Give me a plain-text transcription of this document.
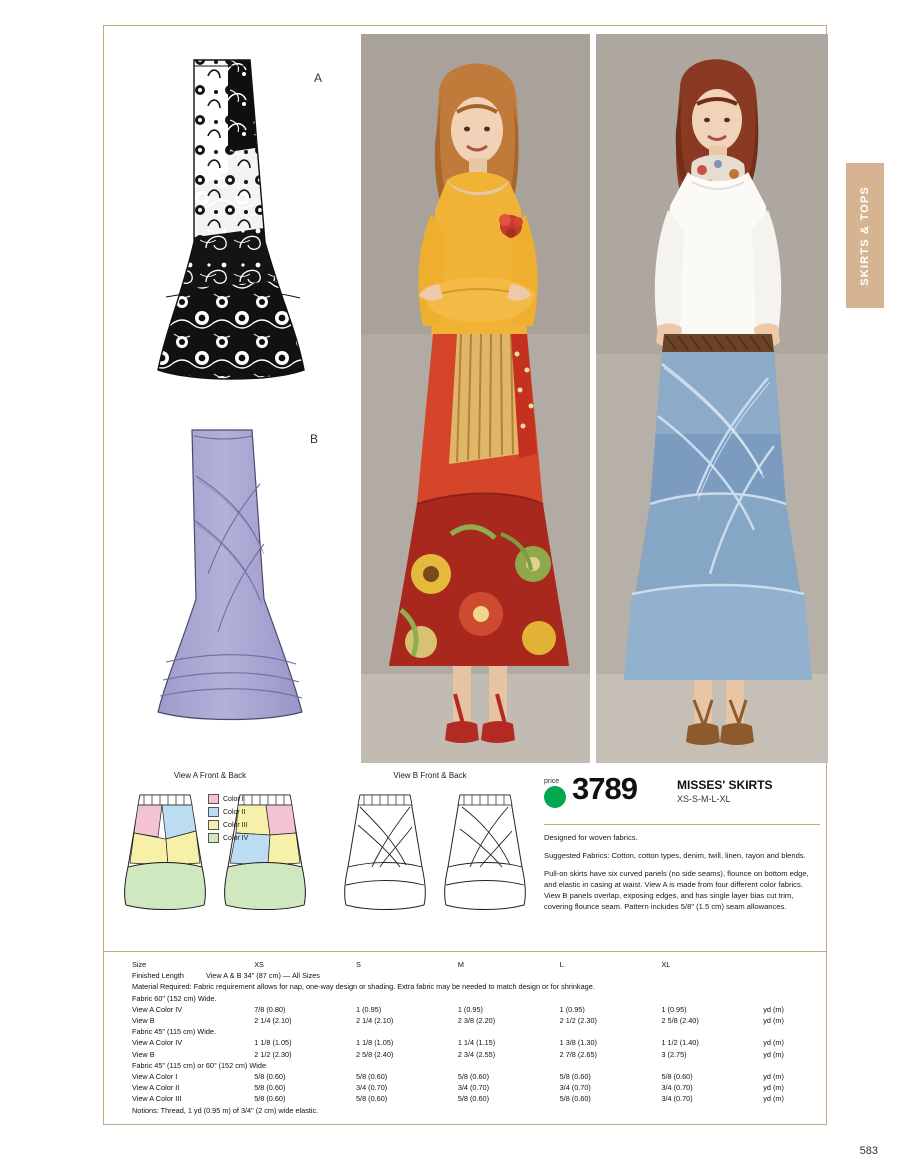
A
B
View A Front & Back	View B Front & Back
Color I
Color II
Color III
Color IV
price 3789	MISSES' SKIRTS
XS-S-M-L-XL

Designed for woven fabrics.

Suggested Fabrics: Cotton, cotton types, denim, twill, linen, rayon and blends.

Pull-on skirts have six curved panels (no side seams), flounce on bottom edge, and elastic in casing at waist. View A is made from four different color fabrics. View B panels overlap, exposing edges, and has single layer bias cut trim, covering flounce seam. Pattern includes 5/8" (1.5 cm) seam allowances.

Size	XS	S	M	L	XL	
Finished Length View A & B 34" (87 cm) — All Sizes						
Material Required: Fabric requirement allows for nap, one-way design or shading. Extra fabric may be needed to match design or for shrinkage.						
Fabric 60" (152 cm) Wide.						
View A Color IV	7/8 (0.80)	1 (0.95)	1 (0.95)	1 (0.95)	1 (0.95)	yd (m)
View B	2 1/4 (2.10)	2 1/4 (2.10)	2 3/8 (2.20)	2 1/2 (2.30)	2 5/8 (2.40)	yd (m)
Fabric 45" (115 cm) Wide.						
View A Color IV	1 1/8 (1.05)	1 1/8 (1.05)	1 1/4 (1.15)	1 3/8 (1.30)	1 1/2 (1.40)	yd (m)
View B	2 1/2 (2.30)	2 5/8 (2.40)	2 3/4 (2.55)	2 7/8 (2.65)	3 (2.75)	yd (m)
Fabric 45" (115 cm) or 60" (152 cm) Wide						
View A Color I	5/8 (0.60)	5/8 (0.60)	5/8 (0.60)	5/8 (0.60)	5/8 (0.60)	yd (m)
View A Color II	5/8 (0.60)	3/4 (0.70)	3/4 (0.70)	3/4 (0.70)	3/4 (0.70)	yd (m)
View A Color III	5/8 (0.60)	5/8 (0.60)	5/8 (0.60)	5/8 (0.60)	3/4 (0.70)	yd (m)
Notions: Thread, 1 yd (0.95 m) of 3/4" (2 cm) wide elastic.						
583
SKIRTS & TOPS
